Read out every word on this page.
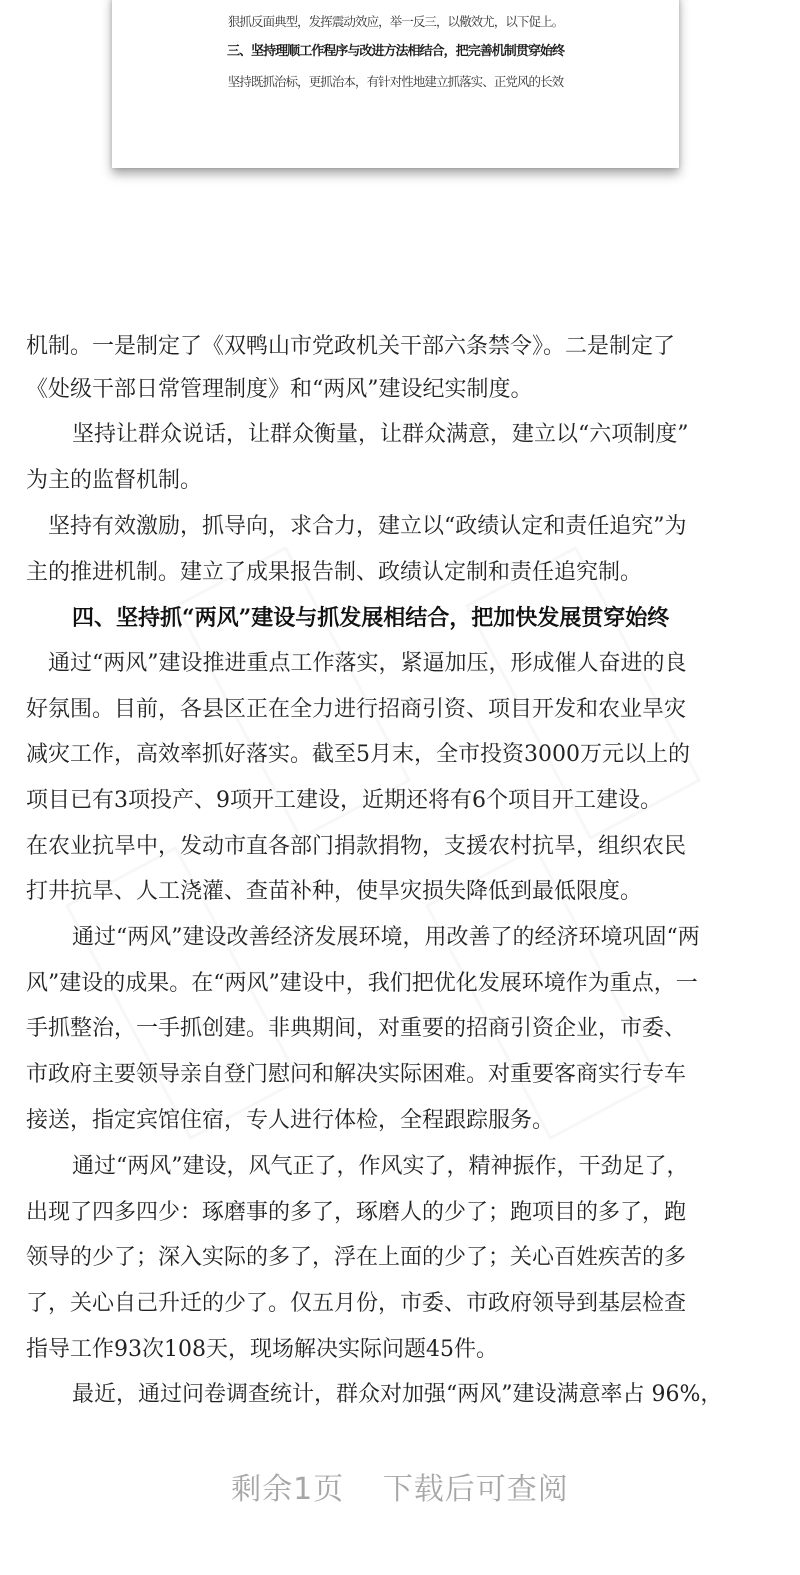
狠抓反面典型，发挥震动效应，举一反三，以儆效尤，以下促上。
三、坚持理顺工作程序与改进方法相结合，把完善机制贯穿始终
坚持既抓治标，更抓治本，有针对性地建立抓落实、正党风的长效
机制。一是制定了《双鸭山市党政机关干部六条禁令》。二是制定了
《处级干部日常管理制度》和“两风”建设纪实制度。
坚持让群众说话，让群众衡量，让群众满意，建立以“六项制度”
为主的监督机制。
坚持有效激励，抓导向，求合力，建立以“政绩认定和责任追究”为
主的推进机制。建立了成果报告制、政绩认定制和责任追究制。
四、坚持抓“两风”建设与抓发展相结合，把加快发展贯穿始终
通过“两风”建设推进重点工作落实，紧逼加压，形成催人奋进的良
好氛围。目前，各县区正在全力进行招商引资、项目开发和农业旱灾
减灾工作，高效率抓好落实。截至5月末，全市投资3000万元以上的
项目已有3项投产、9项开工建设，近期还将有6个项目开工建设。
在农业抗旱中，发动市直各部门捐款捐物，支援农村抗旱，组织农民
打井抗旱、人工浇灌、查苗补种，使旱灾损失降低到最低限度。
通过“两风”建设改善经济发展环境，用改善了的经济环境巩固“两
风”建设的成果。在“两风”建设中，我们把优化发展环境作为重点，一
手抓整治，一手抓创建。非典期间，对重要的招商引资企业，市委、
市政府主要领导亲自登门慰问和解决实际困难。对重要客商实行专车
接送，指定宾馆住宿，专人进行体检，全程跟踪服务。
通过“两风”建设，风气正了，作风实了，精神振作，干劲足了，
出现了四多四少：琢磨事的多了，琢磨人的少了；跑项目的多了，跑
领导的少了；深入实际的多了，浮在上面的少了；关心百姓疾苦的多
了，关心自己升迁的少了。仅五月份，市委、市政府领导到基层检查
指导工作93次108天，现场解决实际问题45件。
最近，通过问卷调查统计，群众对加强“两风”建设满意率占 96%，
剩余1页 下载后可查阅
